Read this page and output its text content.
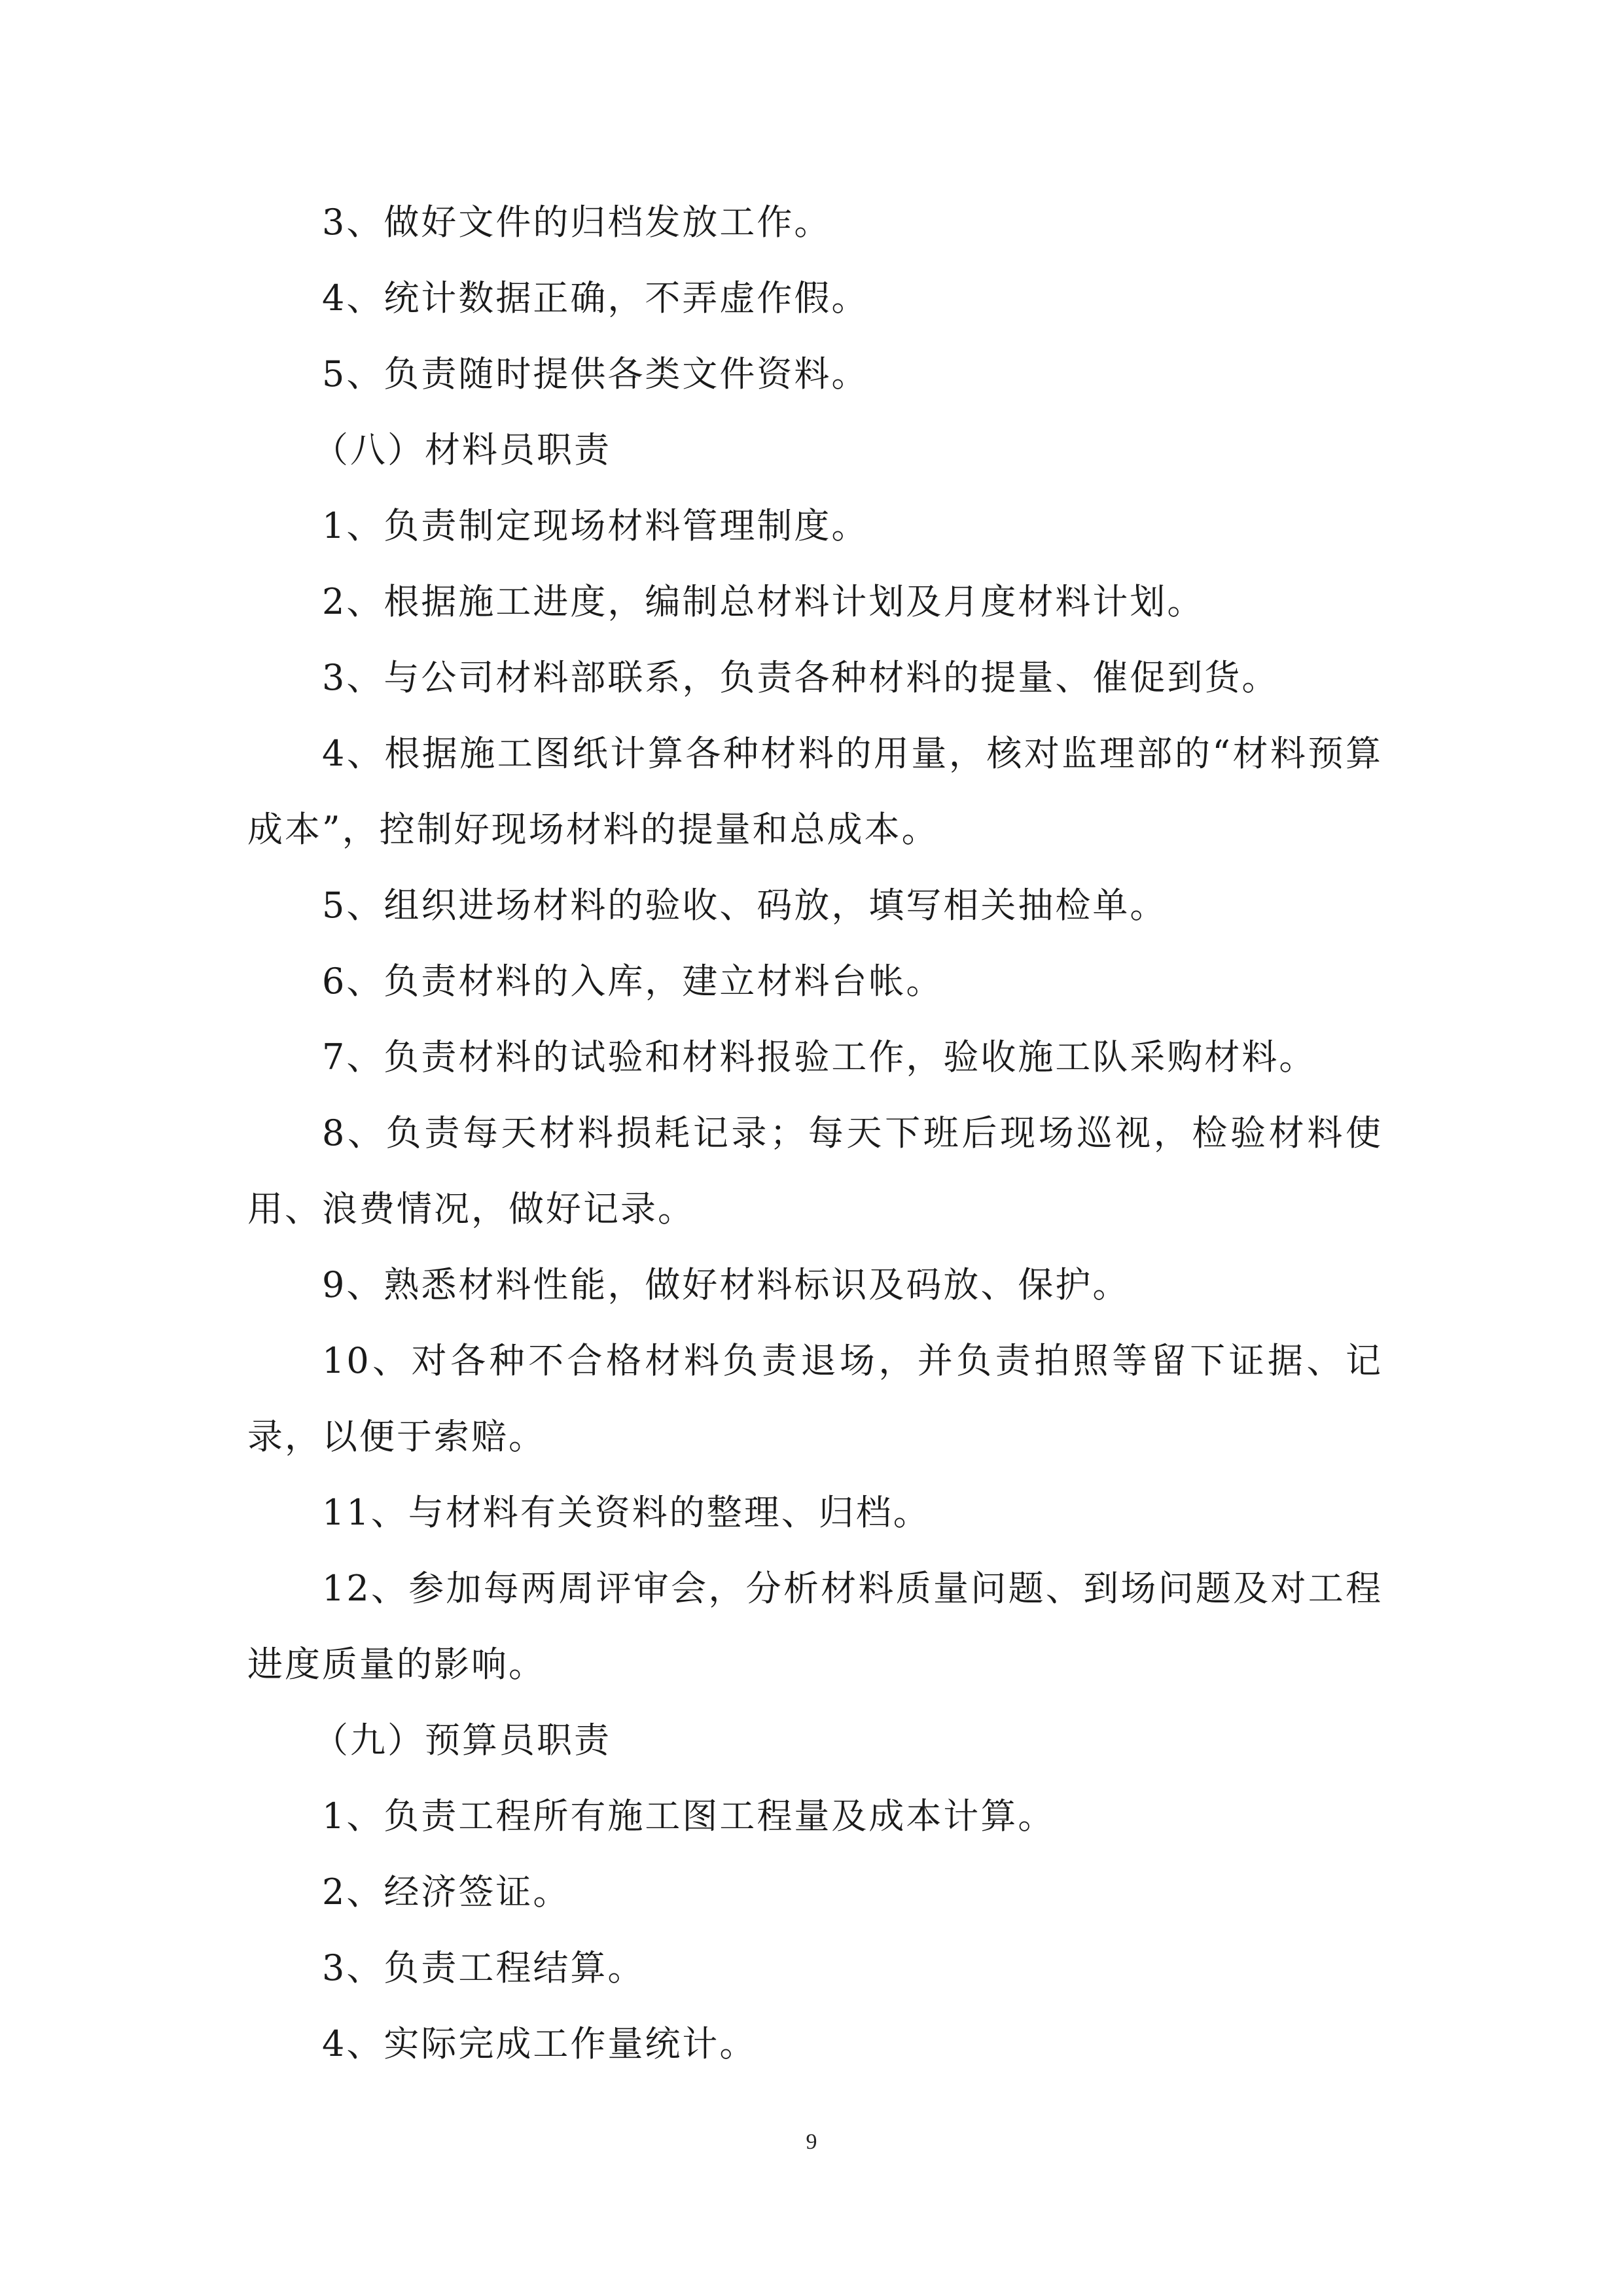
3、做好文件的归档发放工作。

4、统计数据正确，不弄虚作假。

5、负责随时提供各类文件资料。

（八）材料员职责

1、负责制定现场材料管理制度。

2、根据施工进度，编制总材料计划及月度材料计划。

3、与公司材料部联系，负责各种材料的提量、催促到货。

4、根据施工图纸计算各种材料的用量，核对监理部的“材料预算成本”，控制好现场材料的提量和总成本。

5、组织进场材料的验收、码放，填写相关抽检单。

6、负责材料的入库，建立材料台帐。

7、负责材料的试验和材料报验工作，验收施工队采购材料。

8、负责每天材料损耗记录；每天下班后现场巡视，检验材料使用、浪费情况，做好记录。

9、熟悉材料性能，做好材料标识及码放、保护。

10、对各种不合格材料负责退场，并负责拍照等留下证据、记录，以便于索赔。

11、与材料有关资料的整理、归档。

12、参加每两周评审会，分析材料质量问题、到场问题及对工程进度质量的影响。

（九）预算员职责

1、负责工程所有施工图工程量及成本计算。

2、经济签证。

3、负责工程结算。

4、实际完成工作量统计。

9
